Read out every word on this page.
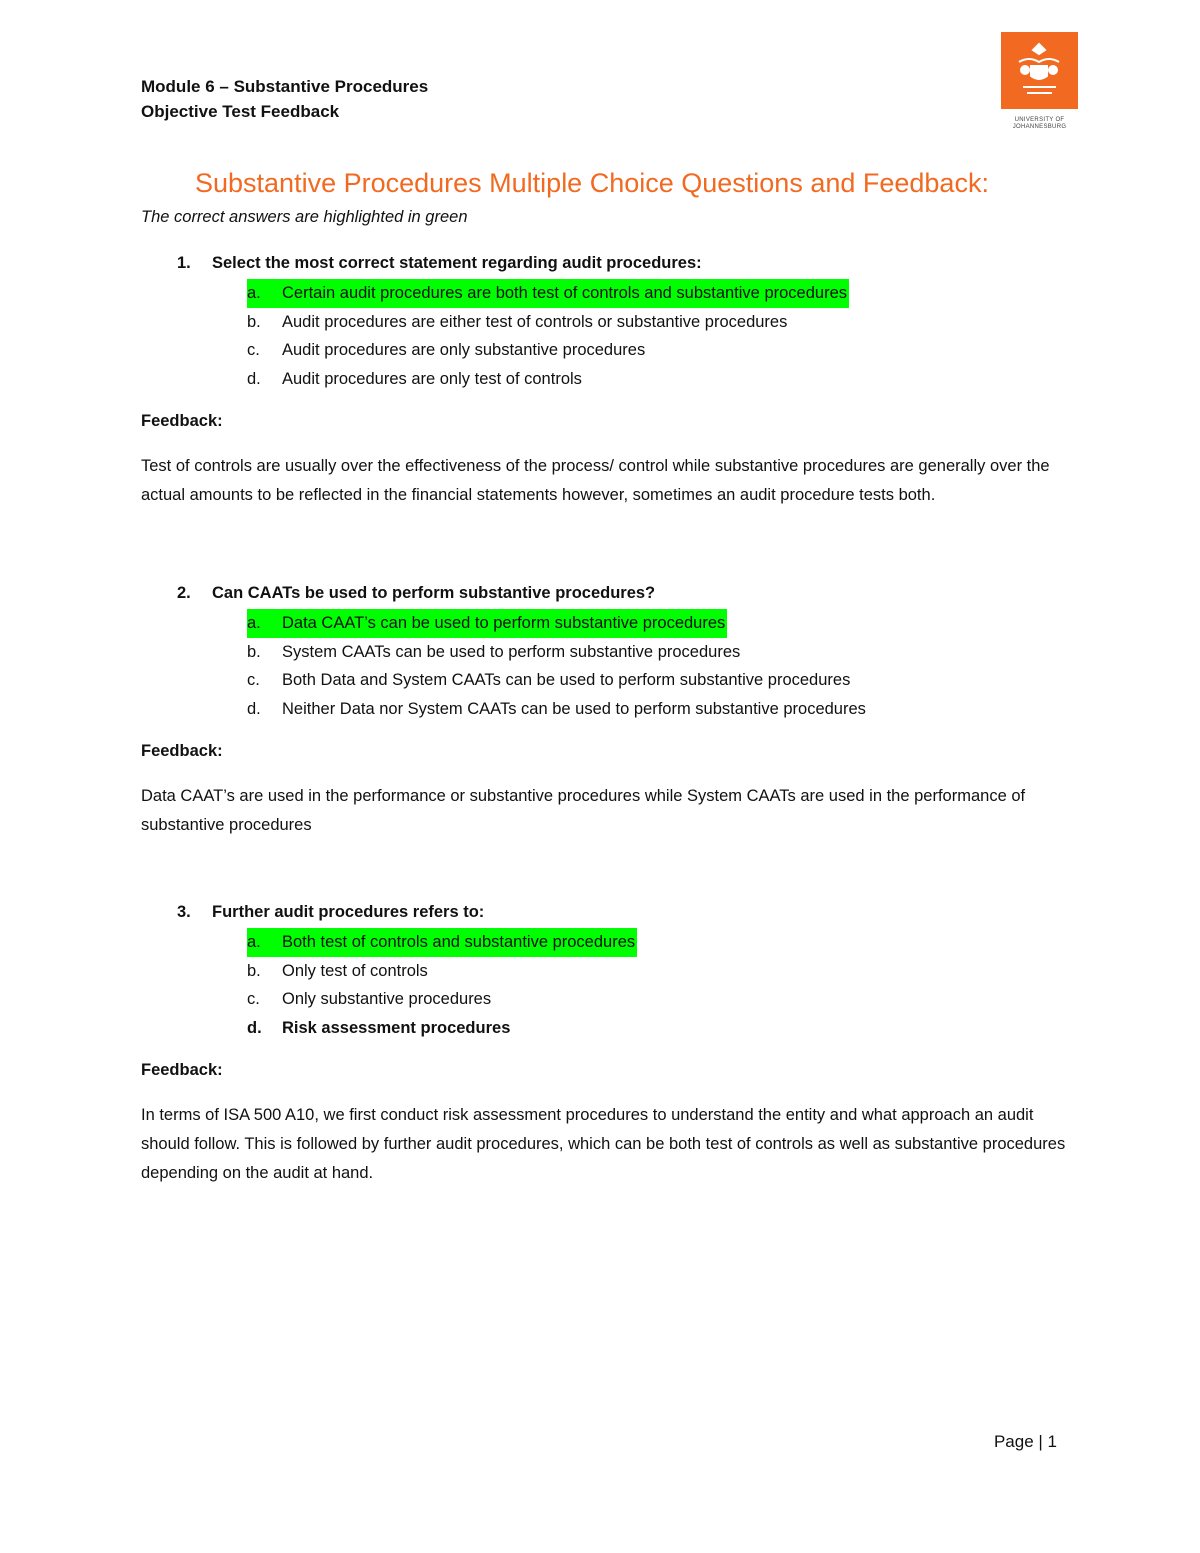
Module 6 – Substantive Procedures
Objective Test Feedback	UNIVERSITY OF JOHANNESBURG
Substantive Procedures Multiple Choice Questions and Feedback:
The correct answers are highlighted in green
1. Select the most correct statement regarding audit procedures:
a. Certain audit procedures are both test of controls and substantive procedures
b. Audit procedures are either test of controls or substantive procedures
c. Audit procedures are only substantive procedures
d. Audit procedures are only test of controls
Feedback:
Test of controls are usually over the effectiveness of the process/ control while substantive procedures are generally over the actual amounts to be reflected in the financial statements however, sometimes an audit procedure tests both.
2. Can CAATs be used to perform substantive procedures?
a. Data CAAT’s can be used to perform substantive procedures
b. System CAATs can be used to perform substantive procedures
c. Both Data and System CAATs can be used to perform substantive procedures
d. Neither Data nor System CAATs can be used to perform substantive procedures
Feedback:
Data CAAT’s are used in the performance or substantive procedures while System CAATs are used in the performance of substantive procedures
3. Further audit procedures refers to:
a. Both test of controls and substantive procedures
b. Only test of controls
c. Only substantive procedures
d. Risk assessment procedures
Feedback:
In terms of ISA 500 A10, we first conduct risk assessment procedures to understand the entity and what approach an audit should follow. This is followed by further audit procedures, which can be both test of controls as well as substantive procedures depending on the audit at hand.
Page | 1
